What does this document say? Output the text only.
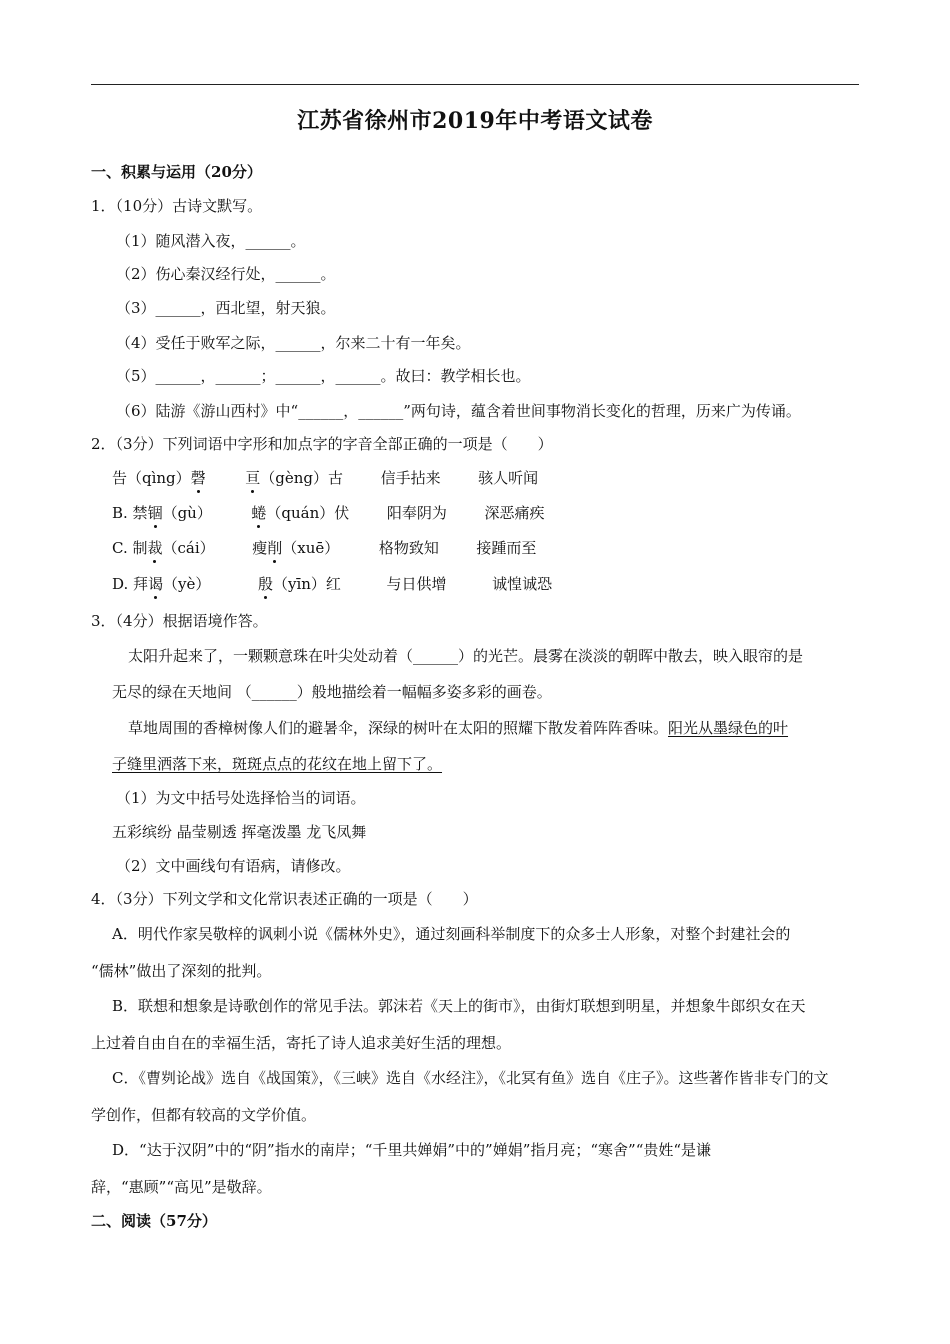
江苏省徐州市2019年中考语文试卷
一、积累与运用（20分）
1．（10分）古诗文默写。
（1）随风潜入夜，______。
（2）伤心秦汉经行处，______。
（3）______，西北望，射天狼。
（4）受任于败军之际，______，尔来二十有一年矣。
（5）______，______；______，______。故曰：教学相长也。
（6）陆游《游山西村》中“______，______”两句诗，蕴含着世间事物消长变化的哲理，历来广为传诵。
2．（3分）下列词语中字形和加点字的字音全部正确的一项是（　　）
告（qìng）磬	亘（gèng）古	信手拈来	骇人听闻
B. 禁锢（gù）	蜷（quán）伏	阳奉阴为	深恶痛疾
C. 制裁（cái）	瘦削（xuē）	格物致知	接踵而至
D. 拜谒（yè）	殷（yīn）红	与日供增	诚惶诚恐
3．（4分）根据语境作答。
太阳升起来了，一颗颗意珠在叶尖处动着（______）的光芒。晨雾在淡淡的朝晖中散去，映入眼帘的是
无尽的绿在天地间 （______）般地描绘着一幅幅多姿多彩的画卷。
草地周围的香樟树像人们的避暑伞，深绿的树叶在太阳的照耀下散发着阵阵香味。阳光从墨绿色的叶
子缝里洒落下来，斑斑点点的花纹在地上留下了。
（1）为文中括号处选择恰当的词语。
五彩缤纷 晶莹剔透 挥毫泼墨 龙飞凤舞
（2）文中画线句有语病，请修改。
4．（3分）下列文学和文化常识表述正确的一项是（　　）
A．明代作家吴敬梓的讽刺小说《儒林外史》，通过刻画科举制度下的众多士人形象，对整个封建社会的
“儒林”做出了深刻的批判。
B．联想和想象是诗歌创作的常见手法。郭沫若《天上的街市》，由街灯联想到明星，并想象牛郎织女在天
上过着自由自在的幸福生活，寄托了诗人追求美好生活的理想。
C．《曹刿论战》选自《战国策》，《三峡》选自《水经注》，《北冥有鱼》选自《庄子》。这些著作皆非专门的文
学创作，但都有较高的文学价值。
D．“达于汉阴”中的“阴”指水的南岸；“千里共婵娟”中的”婵娟”指月亮；“寒舍”“贵姓“是谦
辞，“惠顾”“高见”是敬辞。
二、阅读（57分）
